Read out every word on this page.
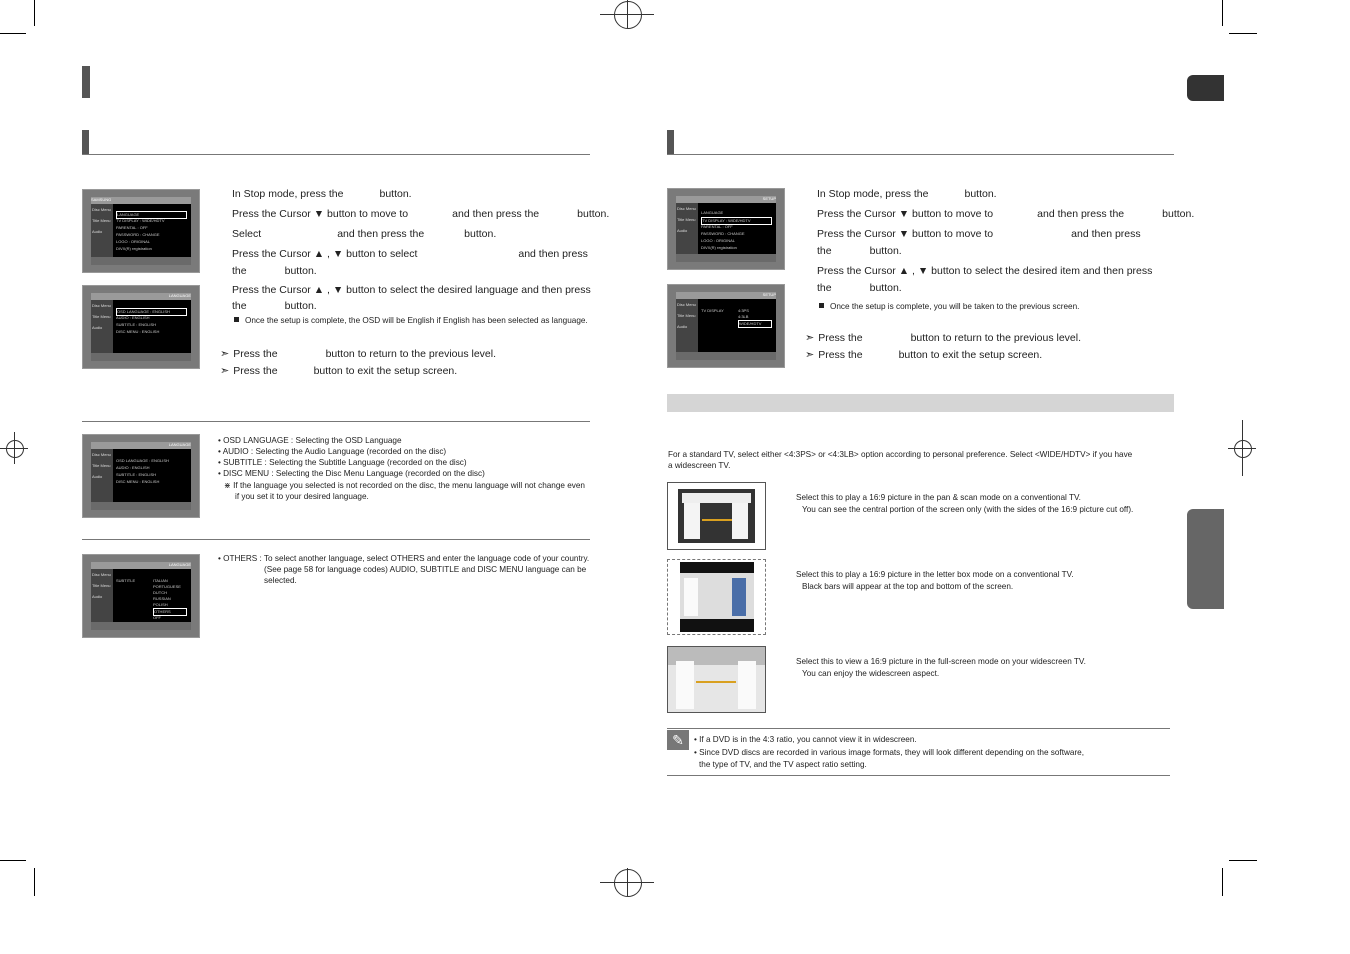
SAMSUNG
Disc Menu
Title Menu
Audio
LANGUAGE
TV DISPLAY : WIDE/HDTV
PARENTAL : OFF
PASSWORD : CHANGE
LOGO : ORIGINAL
DIVX(R) registration
LANGUAGE
Disc Menu
Title Menu
Audio
OSD LANGUAGE : ENGLISH
AUDIO : ENGLISH
SUBTITLE : ENGLISH
DISC MENU : ENGLISH
In Stop mode, press the	button.
Press the Cursor ▼ button to move to	and then press the	button.
Select	and then press the	button.
Press the Cursor ▲ , ▼ button to select	and then press
the	button.
Press the Cursor ▲ , ▼ button to select the desired language and then press
the	button.
Once the setup is complete, the OSD will be English if English has been selected as language.
➣ Press the	button to return to the previous level.
➣ Press the	button to exit the setup screen.
LANGUAGE
Disc Menu
Title Menu
Audio
OSD LANGUAGE : ENGLISH
AUDIO : ENGLISH
SUBTITLE : ENGLISH
DISC MENU : ENGLISH
• OSD LANGUAGE : Selecting the OSD Language
• AUDIO : Selecting the Audio Language (recorded on the disc)
• SUBTITLE : Selecting the Subtitle Language (recorded on the disc)
• DISC MENU : Selecting the Disc Menu Language (recorded on the disc)
⋇ If the language you selected is not recorded on the disc, the menu language will not change even
if you set it to your desired language.
LANGUAGE
Disc Menu
Title Menu
Audio
SUBTITLE	ITALIAN
PORTUGUESE
DUTCH
RUSSIAN
POLISH
OTHERS
OFF
• OTHERS : To select another language, select OTHERS and enter the language code of your country.
(See page 58 for language codes) AUDIO, SUBTITLE and DISC MENU language can be
selected.
SETUP
Disc Menu
Title Menu
Audio
LANGUAGE
TV DISPLAY : WIDE/HDTV
PARENTAL : OFF
PASSWORD : CHANGE
LOGO : ORIGINAL
DIVX(R) registration
SETUP
Disc Menu
Title Menu
Audio
TV DISPLAY	4:3PS
4:3LB
WIDE/HDTV
In Stop mode, press the	button.
Press the Cursor ▼ button to move to	and then press the	button.
Press the Cursor ▼ button to move to	and then press
the	button.
Press the Cursor ▲ , ▼ button to select the desired item and then press
the	button.
Once the setup is complete, you will be taken to the previous screen.
➣ Press the	button to return to the previous level.
➣ Press the	button to exit the setup screen.
For a standard TV, select either <4:3PS> or <4:3LB> option according to personal preference. Select <WIDE/HDTV> if you have
a widescreen TV.
Select this to play a 16:9 picture in the pan & scan mode on a conventional TV.
You can see the central portion of the screen only (with the sides of the 16:9 picture cut off).
Select this to play a 16:9 picture in the letter box mode on a conventional TV.
Black bars will appear at the top and bottom of the screen.
Select this to view a 16:9 picture in the full-screen mode on your widescreen TV.
You can enjoy the widescreen aspect.
✎	• If a DVD is in the 4:3 ratio, you cannot view it in widescreen.
• Since DVD discs are recorded in various image formats, they will look different depending on the software,
the type of TV, and the TV aspect ratio setting.
